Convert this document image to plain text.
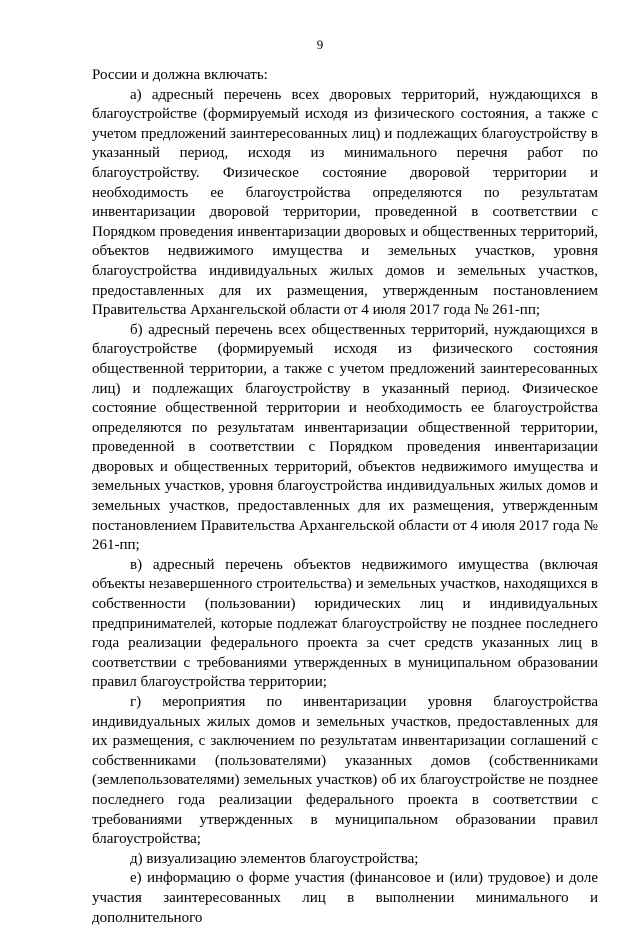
9

России и должна включать:

а) адресный перечень всех дворовых территорий, нуждающихся в благоустройстве (формируемый исходя из физического состояния, а также с учетом предложений заинтересованных лиц) и подлежащих благоустройству в указанный период, исходя из минимального перечня работ по благоустройству. Физическое состояние дворовой территории и необходимость ее благоустройства определяются по результатам инвентаризации дворовой территории, проведенной в соответствии с Порядком проведения инвентаризации дворовых и общественных территорий, объектов недвижимого имущества и земельных участков, уровня благоустройства индивидуальных жилых домов и земельных участков, предоставленных для их размещения, утвержденным постановлением Правительства Архангельской области от 4 июля 2017 года № 261-пп;

б) адресный перечень всех общественных территорий, нуждающихся в благоустройстве (формируемый исходя из физического состояния общественной территории, а также с учетом предложений заинтересованных лиц) и подлежащих благоустройству в указанный период. Физическое состояние общественной территории и необходимость ее благоустройства определяются по результатам инвентаризации общественной территории, проведенной в соответствии с Порядком проведения инвентаризации дворовых и общественных территорий, объектов недвижимого имущества и земельных участков, уровня благоустройства индивидуальных жилых домов и земельных участков, предоставленных для их размещения, утвержденным постановлением Правительства Архангельской области от 4 июля 2017 года № 261-пп;

в) адресный перечень объектов недвижимого имущества (включая объекты незавершенного строительства) и земельных участков, находящихся в собственности (пользовании) юридических лиц и индивидуальных предпринимателей, которые подлежат благоустройству не позднее последнего года реализации федерального проекта за счет средств указанных лиц в соответствии с требованиями утвержденных в муниципальном образовании правил благоустройства территории;

г) мероприятия по инвентаризации уровня благоустройства индивидуальных жилых домов и земельных участков, предоставленных для их размещения, с заключением по результатам инвентаризации соглашений с собственниками (пользователями) указанных домов (собственниками (землепользователями) земельных участков) об их благоустройстве не позднее последнего года реализации федерального проекта в соответствии с требованиями утвержденных в муниципальном образовании правил благоустройства;

д) визуализацию элементов благоустройства;

е) информацию о форме участия (финансовое и (или) трудовое) и доле участия заинтересованных лиц в выполнении минимального и дополнительного
